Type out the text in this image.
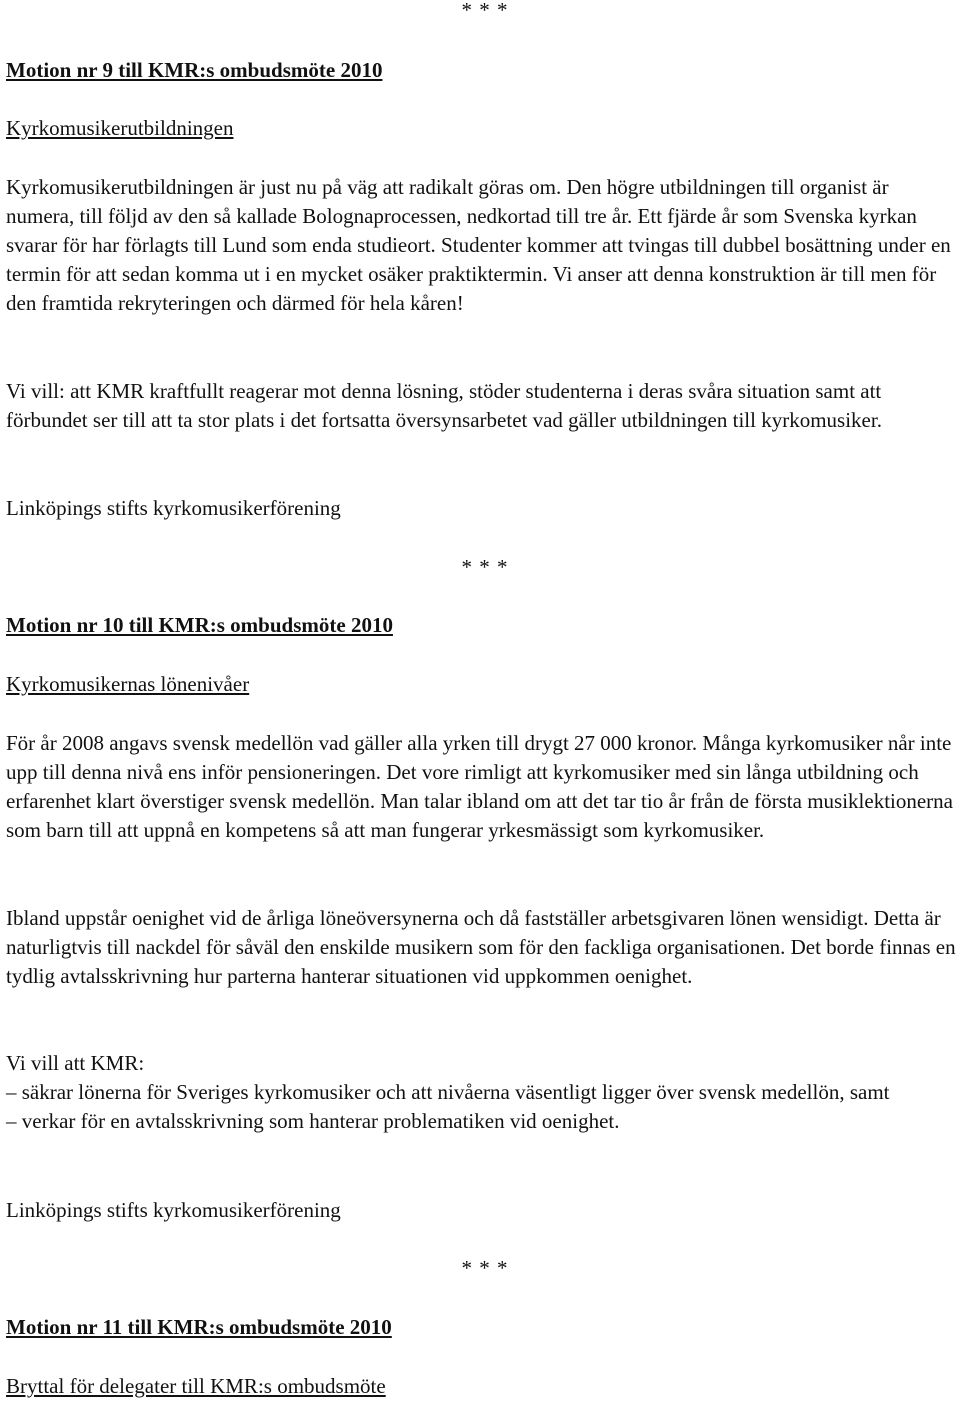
* * *
Motion nr 9 till KMR:s ombudsmöte 2010
Kyrkomusikerutbildningen

Kyrkomusikerutbildningen är just nu på väg att radikalt göras om. Den högre utbildningen till organist är numera, till följd av den så kallade Bolognaprocessen, nedkortad till tre år. Ett fjärde år som Svenska kyrkan svarar för har förlagts till Lund som enda studieort. Studenter kommer att tvingas till dubbel bosättning under en termin för att sedan komma ut i en mycket osäker praktiktermin. Vi anser att denna konstruktion är till men för den framtida rekryteringen och därmed för hela kåren!

Vi vill: att KMR kraftfullt reagerar mot denna lösning, stöder studenterna i deras svåra situation samt att förbundet ser till att ta stor plats i det fortsatta översynsarbetet vad gäller utbildningen till kyrkomusiker.

Linköpings stifts kyrkomusikerförening
Motion nr 10 till KMR:s ombudsmöte 2010
Kyrkomusikernas lönenivåer

För år 2008 angavs svensk medellön vad gäller alla yrken till drygt 27 000 kronor. Många kyrkomusiker når inte upp till denna nivå ens inför pensioneringen. Det vore rimligt att kyrkomusiker med sin långa utbildning och erfarenhet klart överstiger svensk medellön. Man talar ibland om att det tar tio år från de första musiklektionerna som barn till att uppnå en kompetens så att man fungerar yrkesmässigt som kyrkomusiker.

Ibland uppstår oenighet vid de årliga löneöversynerna och då fastställer arbetsgivaren lönen wensidigt. Detta är naturligtvis till nackdel för såväl den enskilde musikern som för den fackliga organisationen. Det borde finnas en tydlig avtalsskrivning hur parterna hanterar situationen vid uppkommen oenighet.

Vi vill att KMR:
– säkrar lönerna för Sveriges kyrkomusiker och att nivåerna väsentligt ligger över svensk medellön, samt
– verkar för en avtalsskrivning som hanterar problematiken vid oenighet.
Linköpings stifts kyrkomusikerförening
Motion nr 11 till KMR:s ombudsmöte 2010
Bryttal för delegater till KMR:s ombudsmöte
* * *
* * *
